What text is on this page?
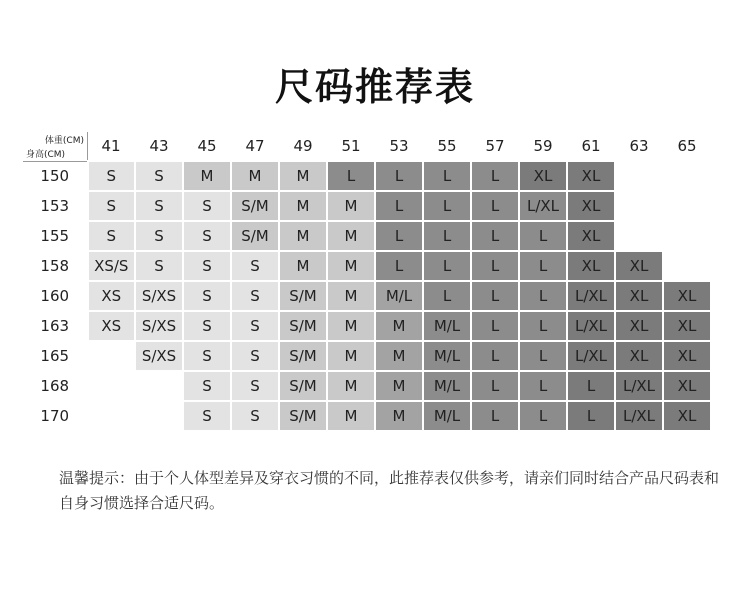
尺码推荐表
体重(CM)
身高(CM)	41	43	45	47	49	51	53	55	57	59	61	63	65
150	S	S	M	M	M	L	L	L	L	XL	XL		
153	S	S	S	S/M	M	M	L	L	L	L/XL	XL		
155	S	S	S	S/M	M	M	L	L	L	L	XL		
158	XS/S	S	S	S	M	M	L	L	L	L	XL	XL	
160	XS	S/XS	S	S	S/M	M	M/L	L	L	L	L/XL	XL	XL
163	XS	S/XS	S	S	S/M	M	M	M/L	L	L	L/XL	XL	XL
165		S/XS	S	S	S/M	M	M	M/L	L	L	L/XL	XL	XL
168			S	S	S/M	M	M	M/L	L	L	L	L/XL	XL
170			S	S	S/M	M	M	M/L	L	L	L	L/XL	XL
温馨提示：由于个人体型差异及穿衣习惯的不同，此推荐表仅供参考，请亲们同时结合产品尺码表和自身习惯选择合适尺码。
